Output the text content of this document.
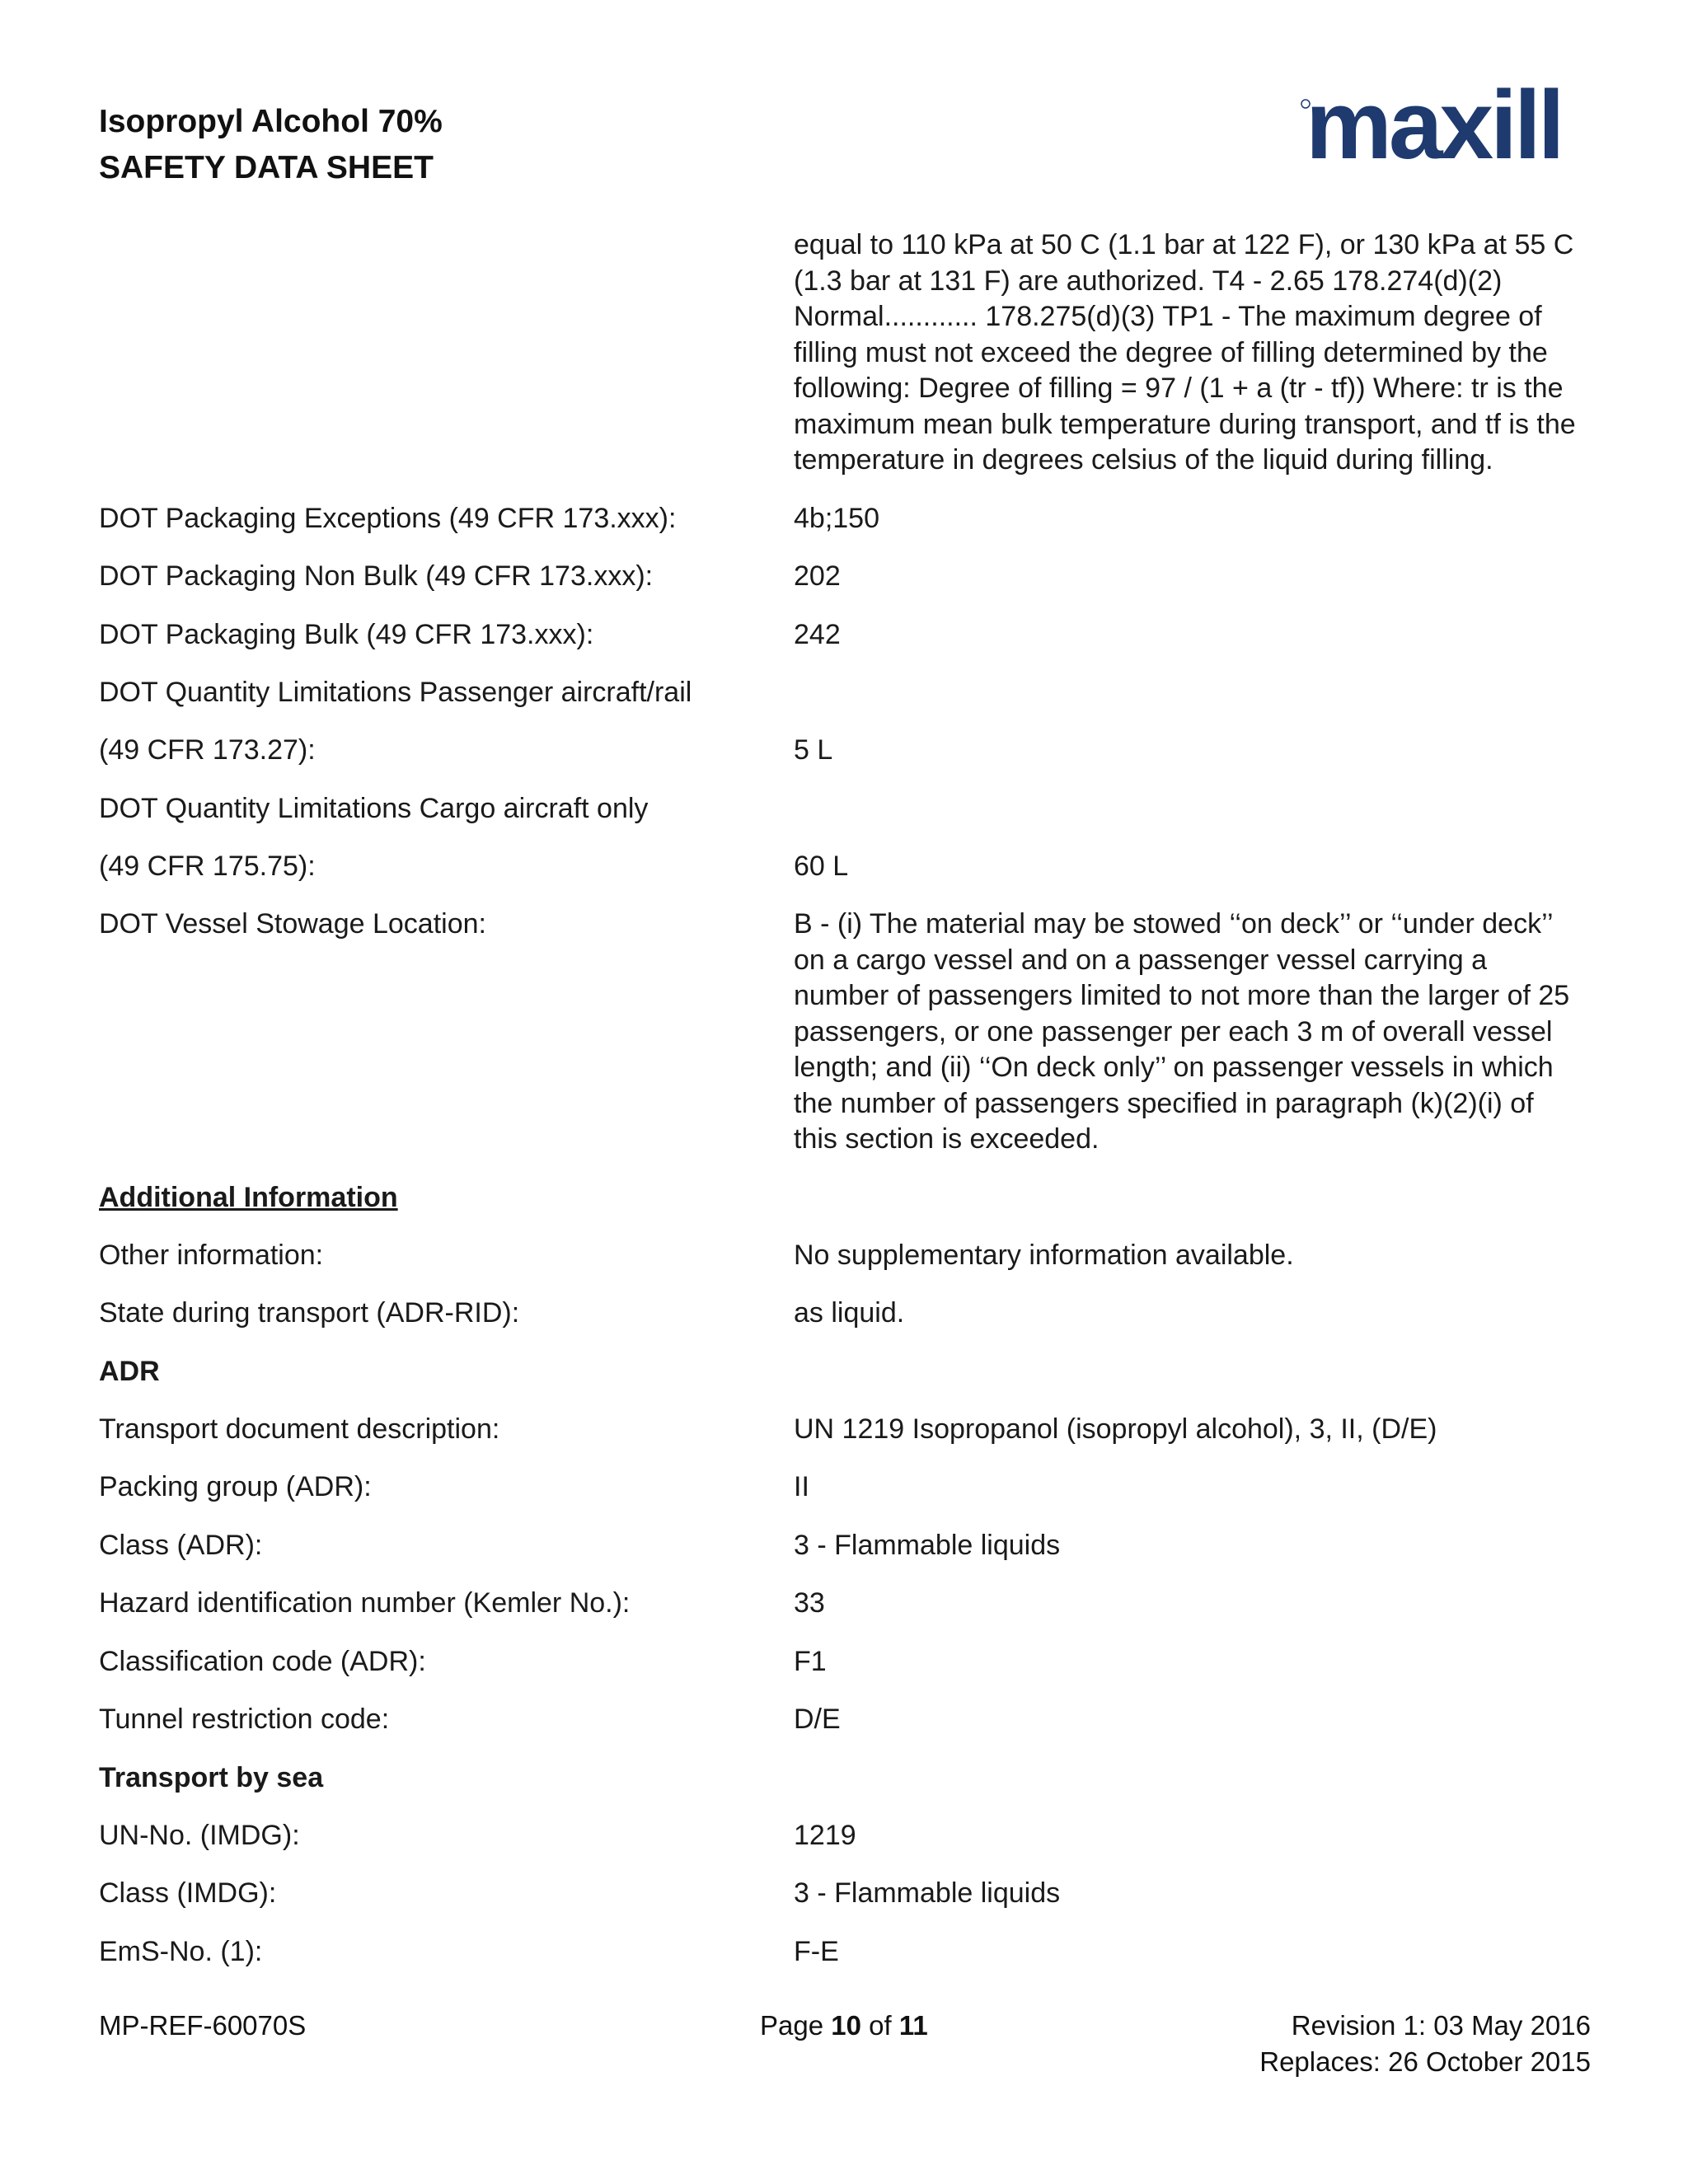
Isopropyl Alcohol 70%
SAFETY DATA SHEET	maxill
equal to 110 kPa at 50 C (1.1 bar at 122 F), or 130 kPa at 55 C (1.3 bar at 131 F) are authorized. T4 - 2.65 178.274(d)(2) Normal............ 178.275(d)(3) TP1 - The maximum degree of filling must not exceed the degree of filling determined by the following: Degree of filling = 97 / (1 + a (tr - tf)) Where: tr is the maximum mean bulk temperature during transport, and tf is the temperature in degrees celsius of the liquid during filling.
DOT Packaging Exceptions (49 CFR 173.xxx):	4b;150
DOT Packaging Non Bulk (49 CFR 173.xxx):	202
DOT Packaging Bulk (49 CFR 173.xxx):	242
DOT Quantity Limitations Passenger aircraft/rail
(49 CFR 173.27):	5 L
DOT Quantity Limitations Cargo aircraft only
(49 CFR 175.75):	60 L
DOT Vessel Stowage Location:	B - (i) The material may be stowed ‘‘on deck’’ or ‘‘under deck’’ on a cargo vessel and on a passenger vessel carrying a number of passengers limited to not more than the larger of 25 passengers, or one passenger per each 3 m of overall vessel length; and (ii) ‘‘On deck only’’ on passenger vessels in which the number of passengers specified in paragraph (k)(2)(i) of this section is exceeded.
Additional Information
Other information:	No supplementary information available.
State during transport (ADR-RID):	as liquid.
ADR
Transport document description:	UN 1219 Isopropanol (isopropyl alcohol), 3, II, (D/E)
Packing group (ADR):	II
Class (ADR):	3 - Flammable liquids
Hazard identification number (Kemler No.):	33
Classification code (ADR):	F1
Tunnel restriction code:	D/E
Transport by sea
UN-No. (IMDG):	1219
Class (IMDG):	3 - Flammable liquids
EmS-No. (1):	F-E
MP-REF-60070S	Page 10 of 11	Revision 1: 03 May 2016
Replaces: 26 October 2015
